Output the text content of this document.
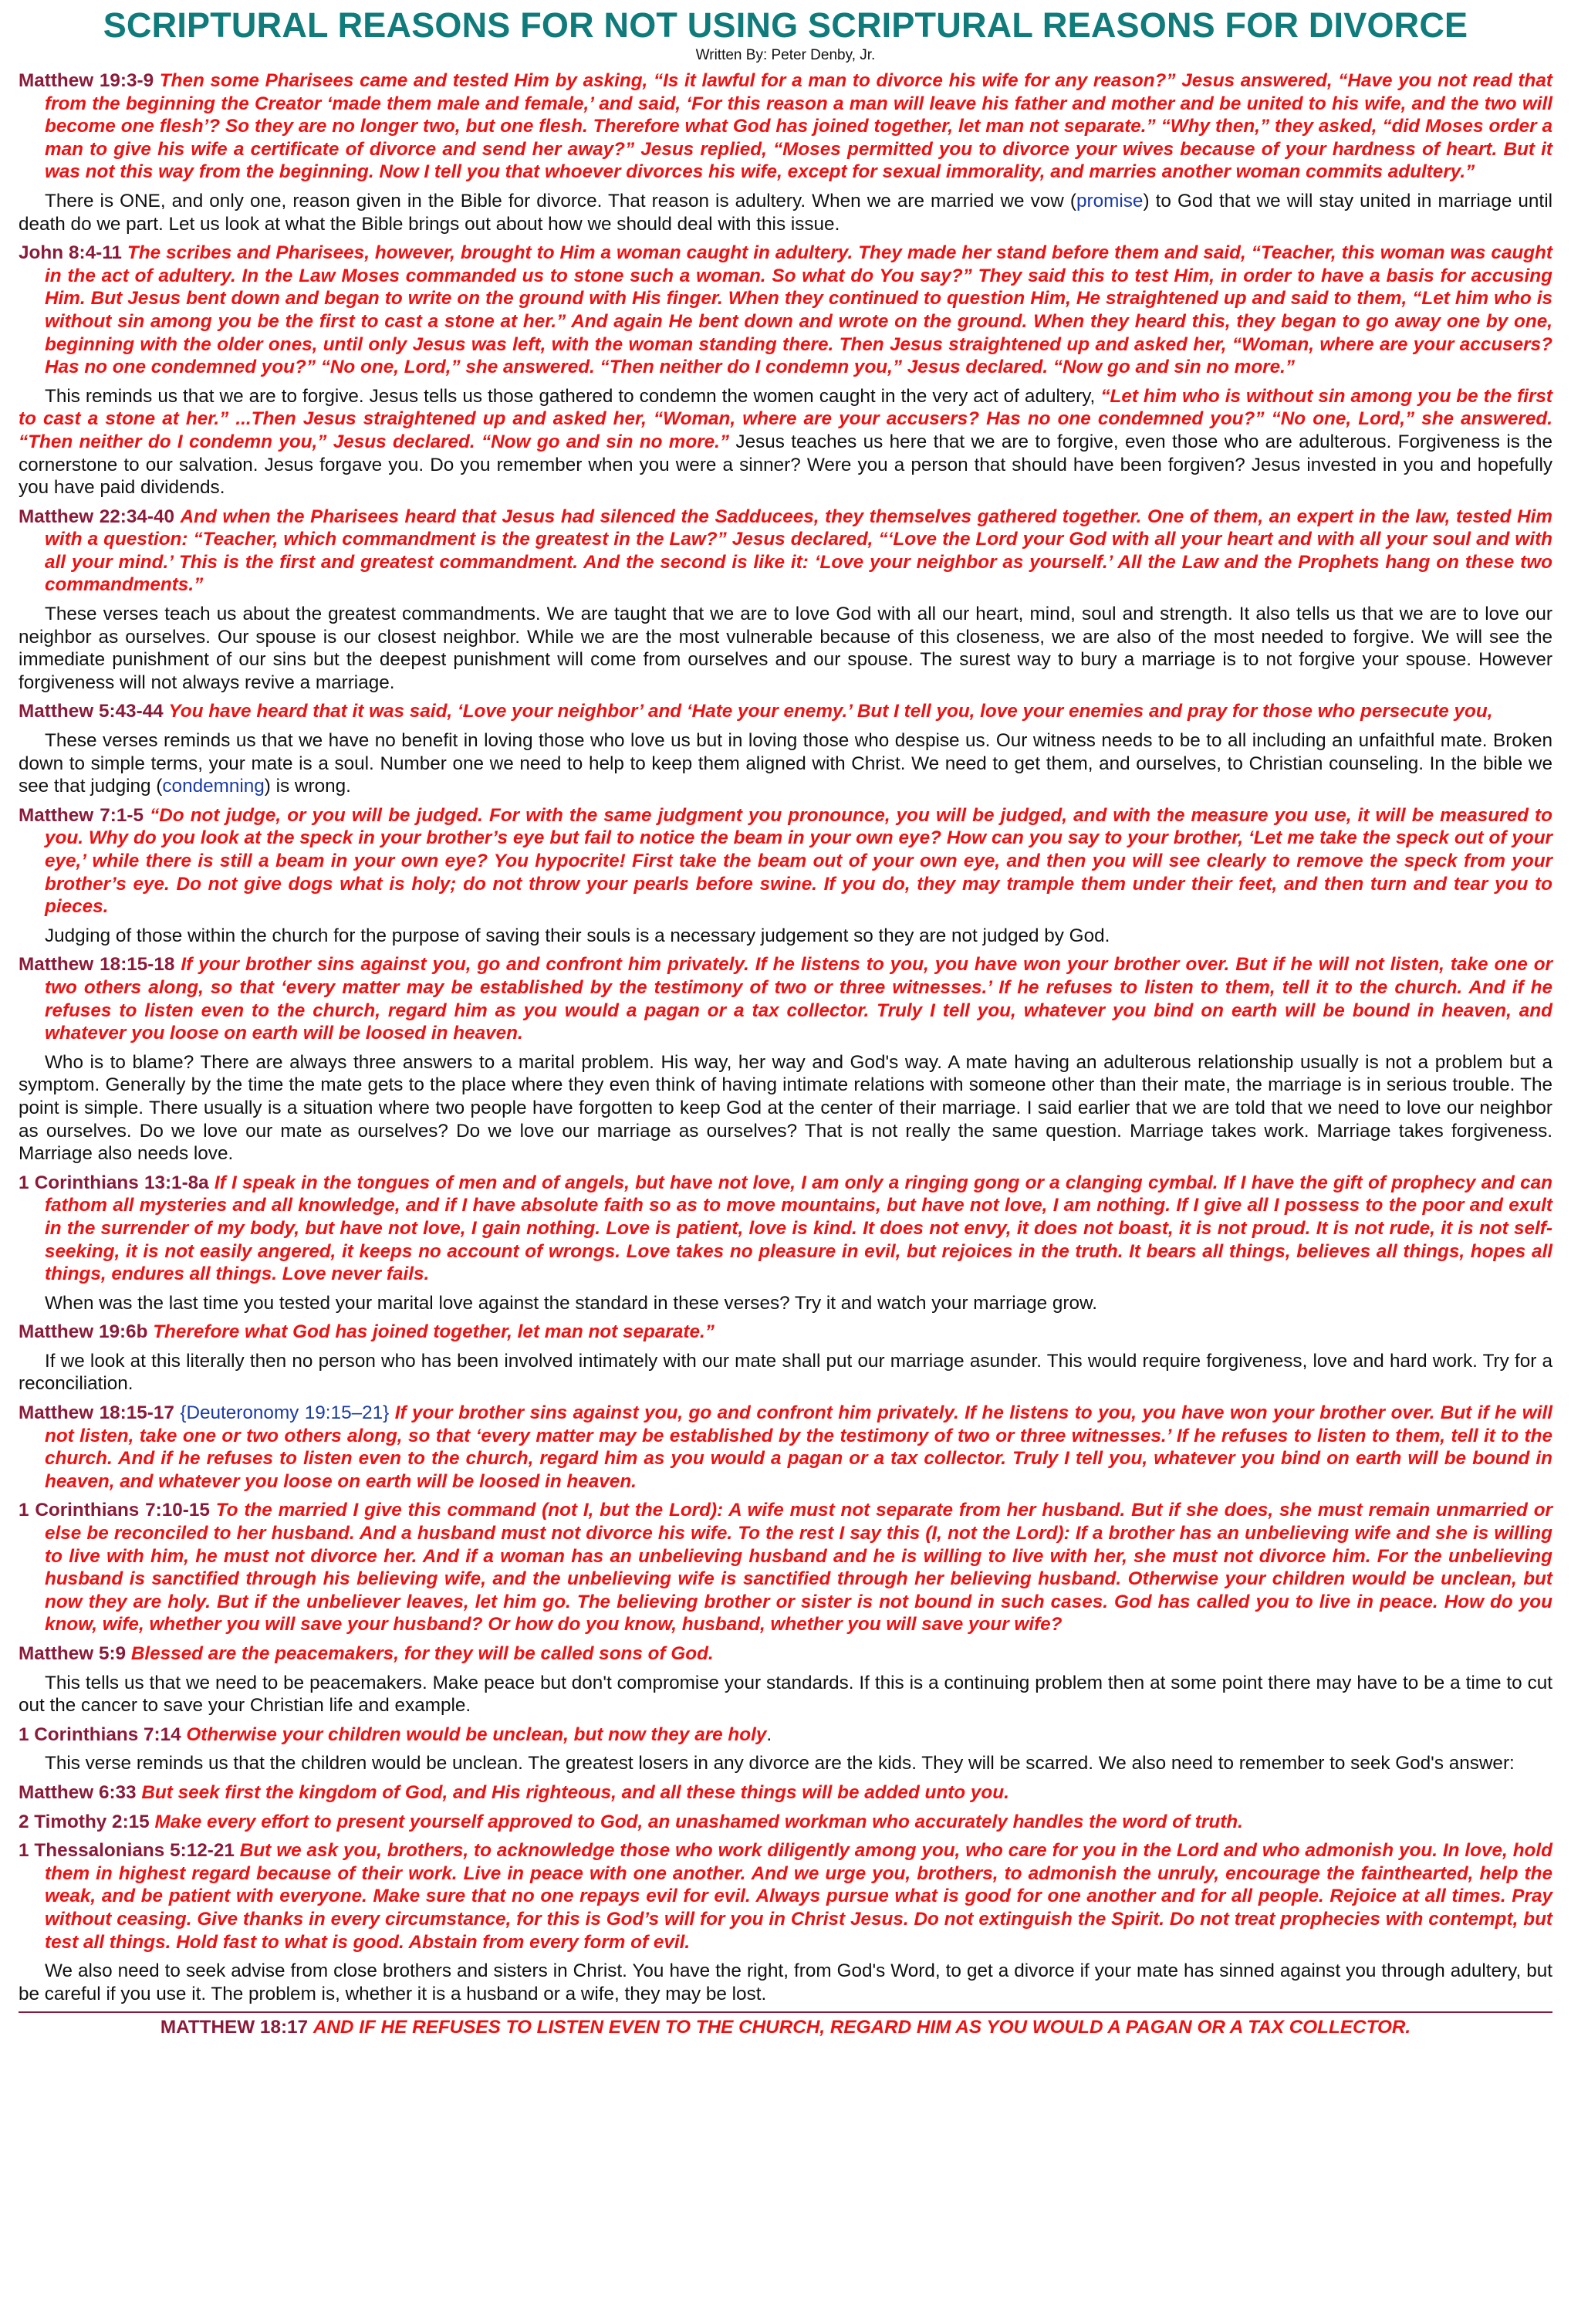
SCRIPTURAL REASONS FOR NOT USING SCRIPTURAL REASONS FOR DIVORCE
Written By: Peter Denby, Jr.
Matthew 19:3-9 Then some Pharisees came and tested Him by asking, “Is it lawful for a man to divorce his wife for any reason?” Jesus answered, “Have you not read that from the beginning the Creator ‘made them male and female,’ and said, ‘For this reason a man will leave his father and mother and be united to his wife, and the two will become one flesh’? So they are no longer two, but one flesh. Therefore what God has joined together, let man not separate.” “Why then,” they asked, “did Moses order a man to give his wife a certificate of divorce and send her away?” Jesus replied, “Moses permitted you to divorce your wives because of your hardness of heart. But it was not this way from the beginning. Now I tell you that whoever divorces his wife, except for sexual immorality, and marries another woman commits adultery.”
There is ONE, and only one, reason given in the Bible for divorce. That reason is adultery. When we are married we vow (promise) to God that we will stay united in marriage until death do we part. Let us look at what the Bible brings out about how we should deal with this issue.
John 8:4-11 The scribes and Pharisees, however, brought to Him a woman caught in adultery. They made her stand before them and said, “Teacher, this woman was caught in the act of adultery. In the Law Moses commanded us to stone such a woman. So what do You say?” They said this to test Him, in order to have a basis for accusing Him. But Jesus bent down and began to write on the ground with His finger. When they continued to question Him, He straightened up and said to them, “Let him who is without sin among you be the first to cast a stone at her.” And again He bent down and wrote on the ground. When they heard this, they began to go away one by one, beginning with the older ones, until only Jesus was left, with the woman standing there. Then Jesus straightened up and asked her, “Woman, where are your accusers? Has no one condemned you?” “No one, Lord,” she answered. “Then neither do I condemn you,” Jesus declared. “Now go and sin no more.”
This reminds us that we are to forgive. Jesus tells us those gathered to condemn the women caught in the very act of adultery, “Let him who is without sin among you be the first to cast a stone at her.” ...Then Jesus straightened up and asked her, “Woman, where are your accusers? Has no one condemned you?” “No one, Lord,” she answered. “Then neither do I condemn you,” Jesus declared. “Now go and sin no more.” Jesus teaches us here that we are to forgive, even those who are adulterous. Forgiveness is the cornerstone to our salvation. Jesus forgave you. Do you remember when you were a sinner? Were you a person that should have been forgiven? Jesus invested in you and hopefully you have paid dividends.
Matthew 22:34-40 And when the Pharisees heard that Jesus had silenced the Sadducees, they themselves gathered together. One of them, an expert in the law, tested Him with a question: “Teacher, which commandment is the greatest in the Law?” Jesus declared, “‘Love the Lord your God with all your heart and with all your soul and with all your mind.’ This is the first and greatest commandment. And the second is like it: ‘Love your neighbor as yourself.’ All the Law and the Prophets hang on these two commandments.”
These verses teach us about the greatest commandments. We are taught that we are to love God with all our heart, mind, soul and strength. It also tells us that we are to love our neighbor as ourselves. Our spouse is our closest neighbor. While we are the most vulnerable because of this closeness, we are also of the most needed to forgive. We will see the immediate punishment of our sins but the deepest punishment will come from ourselves and our spouse. The surest way to bury a marriage is to not forgive your spouse. However forgiveness will not always revive a marriage.
Matthew 5:43-44 You have heard that it was said, ‘Love your neighbor’ and ‘Hate your enemy.’ But I tell you, love your enemies and pray for those who persecute you,
These verses reminds us that we have no benefit in loving those who love us but in loving those who despise us. Our witness needs to be to all including an unfaithful mate. Broken down to simple terms, your mate is a soul. Number one we need to help to keep them aligned with Christ. We need to get them, and ourselves, to Christian counseling. In the bible we see that judging (condemning) is wrong.
Matthew 7:1-5 “Do not judge, or you will be judged. For with the same judgment you pronounce, you will be judged, and with the measure you use, it will be measured to you. Why do you look at the speck in your brother’s eye but fail to notice the beam in your own eye? How can you say to your brother, ‘Let me take the speck out of your eye,’ while there is still a beam in your own eye? You hypocrite! First take the beam out of your own eye, and then you will see clearly to remove the speck from your brother’s eye. Do not give dogs what is holy; do not throw your pearls before swine. If you do, they may trample them under their feet, and then turn and tear you to pieces.
Judging of those within the church for the purpose of saving their souls is a necessary judgement so they are not judged by God.
Matthew 18:15-18 If your brother sins against you, go and confront him privately. If he listens to you, you have won your brother over. But if he will not listen, take one or two others along, so that ‘every matter may be established by the testimony of two or three witnesses.’ If he refuses to listen to them, tell it to the church. And if he refuses to listen even to the church, regard him as you would a pagan or a tax collector. Truly I tell you, whatever you bind on earth will be bound in heaven, and whatever you loose on earth will be loosed in heaven.
Who is to blame? There are always three answers to a marital problem. His way, her way and God's way. A mate having an adulterous relationship usually is not a problem but a symptom. Generally by the time the mate gets to the place where they even think of having intimate relations with someone other than their mate, the marriage is in serious trouble. The point is simple. There usually is a situation where two people have forgotten to keep God at the center of their marriage. I said earlier that we are told that we need to love our neighbor as ourselves. Do we love our mate as ourselves? Do we love our marriage as ourselves? That is not really the same question. Marriage takes work. Marriage takes forgiveness. Marriage also needs love.
1 Corinthians 13:1-8a If I speak in the tongues of men and of angels, but have not love, I am only a ringing gong or a clanging cymbal. If I have the gift of prophecy and can fathom all mysteries and all knowledge, and if I have absolute faith so as to move mountains, but have not love, I am nothing. If I give all I possess to the poor and exult in the surrender of my body, but have not love, I gain nothing. Love is patient, love is kind. It does not envy, it does not boast, it is not proud. It is not rude, it is not self-seeking, it is not easily angered, it keeps no account of wrongs. Love takes no pleasure in evil, but rejoices in the truth. It bears all things, believes all things, hopes all things, endures all things. Love never fails.
When was the last time you tested your marital love against the standard in these verses? Try it and watch your marriage grow.
Matthew 19:6b Therefore what God has joined together, let man not separate.”
If we look at this literally then no person who has been involved intimately with our mate shall put our marriage asunder. This would require forgiveness, love and hard work. Try for a reconciliation.
Matthew 18:15-17 {Deuteronomy 19:15–21} If your brother sins against you, go and confront him privately. If he listens to you, you have won your brother over. But if he will not listen, take one or two others along, so that ‘every matter may be established by the testimony of two or three witnesses.’ If he refuses to listen to them, tell it to the church. And if he refuses to listen even to the church, regard him as you would a pagan or a tax collector. Truly I tell you, whatever you bind on earth will be bound in heaven, and whatever you loose on earth will be loosed in heaven.
1 Corinthians 7:10-15 To the married I give this command (not I, but the Lord): A wife must not separate from her husband. But if she does, she must remain unmarried or else be reconciled to her husband. And a husband must not divorce his wife. To the rest I say this (I, not the Lord): If a brother has an unbelieving wife and she is willing to live with him, he must not divorce her. And if a woman has an unbelieving husband and he is willing to live with her, she must not divorce him. For the unbelieving husband is sanctified through his believing wife, and the unbelieving wife is sanctified through her believing husband. Otherwise your children would be unclean, but now they are holy. But if the unbeliever leaves, let him go. The believing brother or sister is not bound in such cases. God has called you to live in peace. How do you know, wife, whether you will save your husband? Or how do you know, husband, whether you will save your wife?
Matthew 5:9 Blessed are the peacemakers, for they will be called sons of God.
This tells us that we need to be peacemakers. Make peace but don't compromise your standards. If this is a continuing problem then at some point there may have to be a time to cut out the cancer to save your Christian life and example.
1 Corinthians 7:14 Otherwise your children would be unclean, but now they are holy.
This verse reminds us that the children would be unclean. The greatest losers in any divorce are the kids. They will be scarred. We also need to remember to seek God's answer:
Matthew 6:33 But seek first the kingdom of God, and His righteous, and all these things will be added unto you.
2 Timothy 2:15 Make every effort to present yourself approved to God, an unashamed workman who accurately handles the word of truth.
1 Thessalonians 5:12-21 But we ask you, brothers, to acknowledge those who work diligently among you, who care for you in the Lord and who admonish you. In love, hold them in highest regard because of their work. Live in peace with one another. And we urge you, brothers, to admonish the unruly, encourage the fainthearted, help the weak, and be patient with everyone. Make sure that no one repays evil for evil. Always pursue what is good for one another and for all people. Rejoice at all times. Pray without ceasing. Give thanks in every circumstance, for this is God’s will for you in Christ Jesus. Do not extinguish the Spirit. Do not treat prophecies with contempt, but test all things. Hold fast to what is good. Abstain from every form of evil.
We also need to seek advise from close brothers and sisters in Christ. You have the right, from God's Word, to get a divorce if your mate has sinned against you through adultery, but be careful if you use it. The problem is, whether it is a husband or a wife, they may be lost.
MATTHEW 18:17 AND IF HE REFUSES TO LISTEN EVEN TO THE CHURCH, REGARD HIM AS YOU WOULD A PAGAN OR A TAX COLLECTOR.
